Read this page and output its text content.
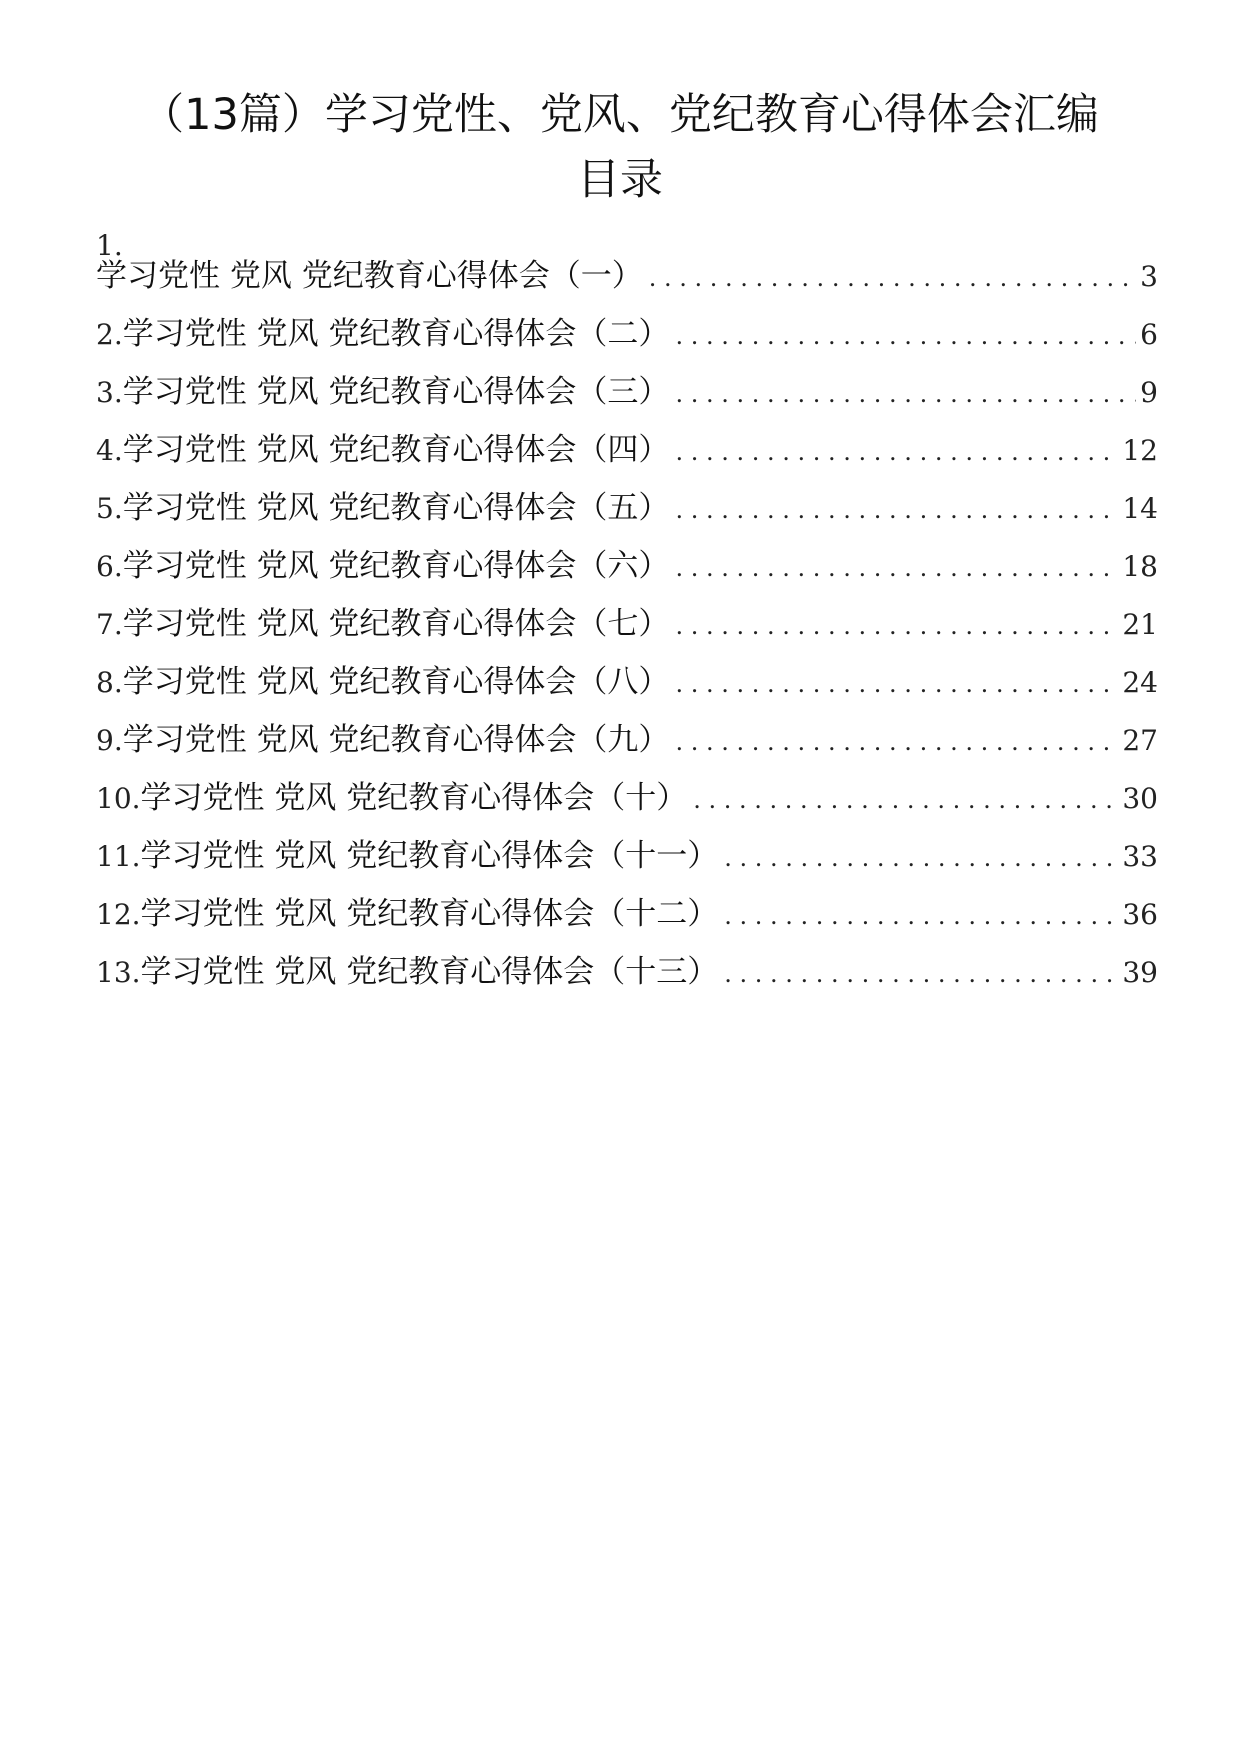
（13篇）学习党性、党风、党纪教育心得体会汇编
目录
1.
学习党性 党风 党纪教育心得体会（一） . . .	3
2. 学习党性 党风 党纪教育心得体会（二） . . .	6
3. 学习党性 党风 党纪教育心得体会（三） . . .	9
4. 学习党性 党风 党纪教育心得体会（四） . . .	12
5. 学习党性 党风 党纪教育心得体会（五） . . .	14
6. 学习党性 党风 党纪教育心得体会（六） . . .	18
7. 学习党性 党风 党纪教育心得体会（七） . . .	21
8. 学习党性 党风 党纪教育心得体会（八） . . .	24
9. 学习党性 党风 党纪教育心得体会（九） . . .	27
10. 学习党性 党风 党纪教育心得体会（十） . . .	30
11. 学习党性 党风 党纪教育心得体会（十一） . . .	33
12. 学习党性 党风 党纪教育心得体会（十二） . . .	36
13. 学习党性 党风 党纪教育心得体会（十三） . . .	39
